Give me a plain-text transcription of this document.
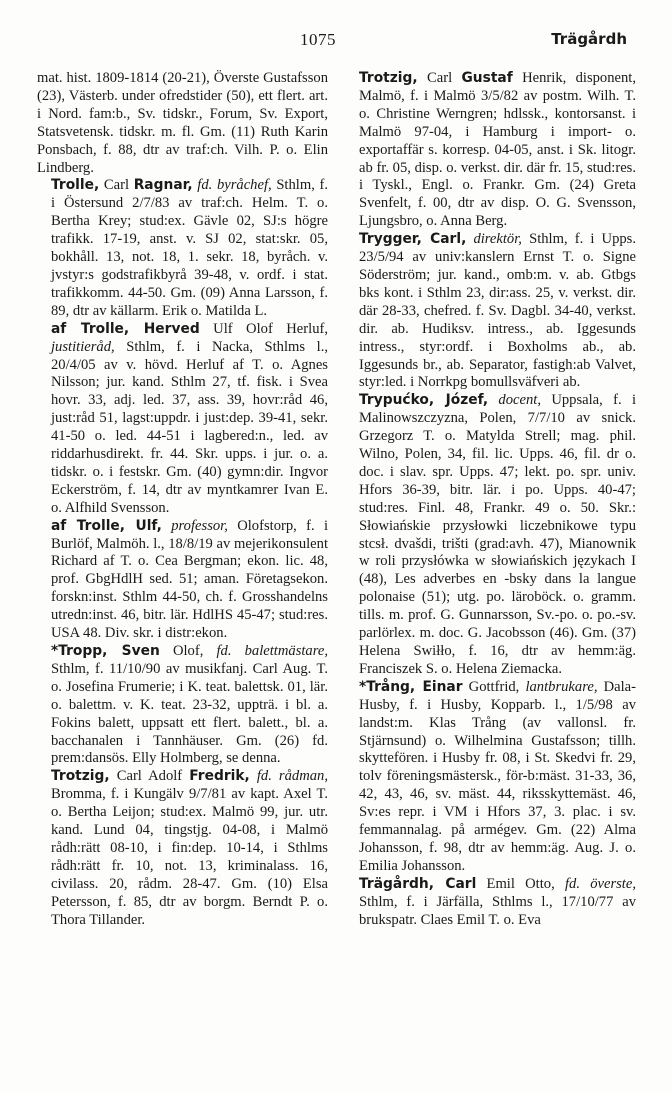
1075	Trägårdh

mat. hist. 1809-1814 (20-21), Överste Gustafsson (23), Västerb. under ofredstider (50), ett flert. art. i Nord. fam:b., Sv. tidskr., Forum, Sv. Export, Statsvetensk. tidskr. m. fl. Gm. (11) Ruth Karin Ponsbach, f. 88, dtr av traf:ch. Vilh. P. o. Elin Lindberg.

Trolle, Carl Ragnar, fd. byråchef, Sthlm, f. i Östersund 2/7/83 av traf:ch. Helm. T. o. Bertha Krey; stud:ex. Gävle 02, SJ:s högre trafikk. 17-19, anst. v. SJ 02, stat:skr. 05, bokhåll. 13, not. 18, 1. sekr. 18, byråch. v. jvstyr:s godstrafikbyrå 39-48, v. ordf. i stat. trafikkomm. 44-50. Gm. (09) Anna Larsson, f. 89, dtr av källarm. Erik o. Matilda L.

af Trolle, Herved Ulf Olof Herluf, justitieråd, Sthlm, f. i Nacka, Sthlms l., 20/4/05 av v. hövd. Herluf af T. o. Agnes Nilsson; jur. kand. Sthlm 27, tf. fisk. i Svea hovr. 33, adj. led. 37, ass. 39, hovr:råd 46, just:råd 51, lagst:uppdr. i just:dep. 39-41, sekr. 41-50 o. led. 44-51 i lagbered:n., led. av riddarhusdirekt. fr. 44. Skr. upps. i jur. o. a. tidskr. o. i festskr. Gm. (40) gymn:dir. Ingvor Eckerström, f. 14, dtr av myntkamrer Ivan E. o. Alfhild Svensson.

af Trolle, Ulf, professor, Olofstorp, f. i Burlöf, Malmöh. l., 18/8/19 av mejerikonsulent Richard af T. o. Cea Bergman; ekon. lic. 48, prof. GbgHdlH sed. 51; aman. Företagsekon. forskn:inst. Sthlm 44-50, ch. f. Grosshandelns utredn:inst. 46, bitr. lär. HdlHS 45-47; stud:res. USA 48. Div. skr. i distr:ekon.

*Tropp, Sven Olof, fd. balettmästare, Sthlm, f. 11/10/90 av musikfanj. Carl Aug. T. o. Josefina Frumerie; i K. teat. balettsk. 01, lär. o. balettm. v. K. teat. 23-32, uppträ. i bl. a. Fokins balett, uppsatt ett flert. balett., bl. a. bacchanalen i Tannhäuser. Gm. (26) fd. prem:dansös. Elly Holmberg, se denna.

Trotzig, Carl Adolf Fredrik, fd. rådman, Bromma, f. i Kungälv 9/7/81 av kapt. Axel T. o. Bertha Leijon; stud:ex. Malmö 99, jur. utr. kand. Lund 04, tingstjg. 04-08, i Malmö rådh:rätt 08-10, i fin:dep. 10-14, i Sthlms rådh:rätt fr. 10, not. 13, kriminalass. 16, civilass. 20, rådm. 28-47. Gm. (10) Elsa Petersson, f. 85, dtr av borgm. Berndt P. o. Thora Tillander.

Trotzig, Carl Gustaf Henrik, disponent, Malmö, f. i Malmö 3/5/82 av postm. Wilh. T. o. Christine Werngren; hdlssk., kontorsanst. i Malmö 97-04, i Hamburg i import- o. exportaffär s. korresp. 04-05, anst. i Sk. litogr. ab fr. 05, disp. o. verkst. dir. där fr. 15, stud:res. i Tyskl., Engl. o. Frankr. Gm. (24) Greta Svenfelt, f. 00, dtr av disp. O. G. Svensson, Ljungsbro, o. Anna Berg.

Trygger, Carl, direktör, Sthlm, f. i Upps. 23/5/94 av univ:kanslern Ernst T. o. Signe Söderström; jur. kand., omb:m. v. ab. Gtbgs bks kont. i Sthlm 23, dir:ass. 25, v. verkst. dir. där 28-33, chefred. f. Sv. Dagbl. 34-40, verkst. dir. ab. Hudiksv. intress., ab. Iggesunds intress., styr:ordf. i Boxholms ab., ab. Iggesunds br., ab. Separator, fastigh:ab Valvet, styr:led. i Norrkpg bomullsväfveri ab.

Trypućko, Józef, docent, Uppsala, f. i Malinowszczyzna, Polen, 7/7/10 av snick. Grzegorz T. o. Matylda Strell; mag. phil. Wilno, Polen, 34, fil. lic. Upps. 46, fil. dr o. doc. i slav. spr. Upps. 47; lekt. po. spr. univ. Hfors 36-39, bitr. lär. i po. Upps. 40-47; stud:res. Finl. 48, Frankr. 49 o. 50. Skr.: Słowiańskie przysłowki liczebnikowe typu stcsł. dvašdi, trišti (grad:avh. 47), Mianownik w roli przysłówka w słowiańskich językach I (48), Les adverbes en -bsky dans la langue polonaise (51); utg. po. läroböck. o. gramm. tills. m. prof. G. Gunnarsson, Sv.-po. o. po.-sv. parlörlex. m. doc. G. Jacobsson (46). Gm. (37) Helena Swiłło, f. 16, dtr av hemm:äg. Franciszek S. o. Helena Ziemacka.

*Trång, Einar Gottfrid, lantbrukare, Dala-Husby, f. i Husby, Kopparb. l., 1/5/98 av landst:m. Klas Trång (av vallonsl. fr. Stjärnsund) o. Wilhelmina Gustafsson; tillh. skyttefören. i Husby fr. 08, i St. Skedvi fr. 29, tolv föreningsmästersk., för-b:mäst. 31-33, 36, 42, 43, 46, sv. mäst. 44, riksskyttemäst. 46, Sv:es repr. i VM i Hfors 37, 3. plac. i sv. femmannalag. på armégev. Gm. (22) Alma Johansson, f. 98, dtr av hemm:äg. Aug. J. o. Emilia Johansson.

Trägårdh, Carl Emil Otto, fd. överste, Sthlm, f. i Järfälla, Sthlms l., 17/10/77 av brukspatr. Claes Emil T. o. Eva
